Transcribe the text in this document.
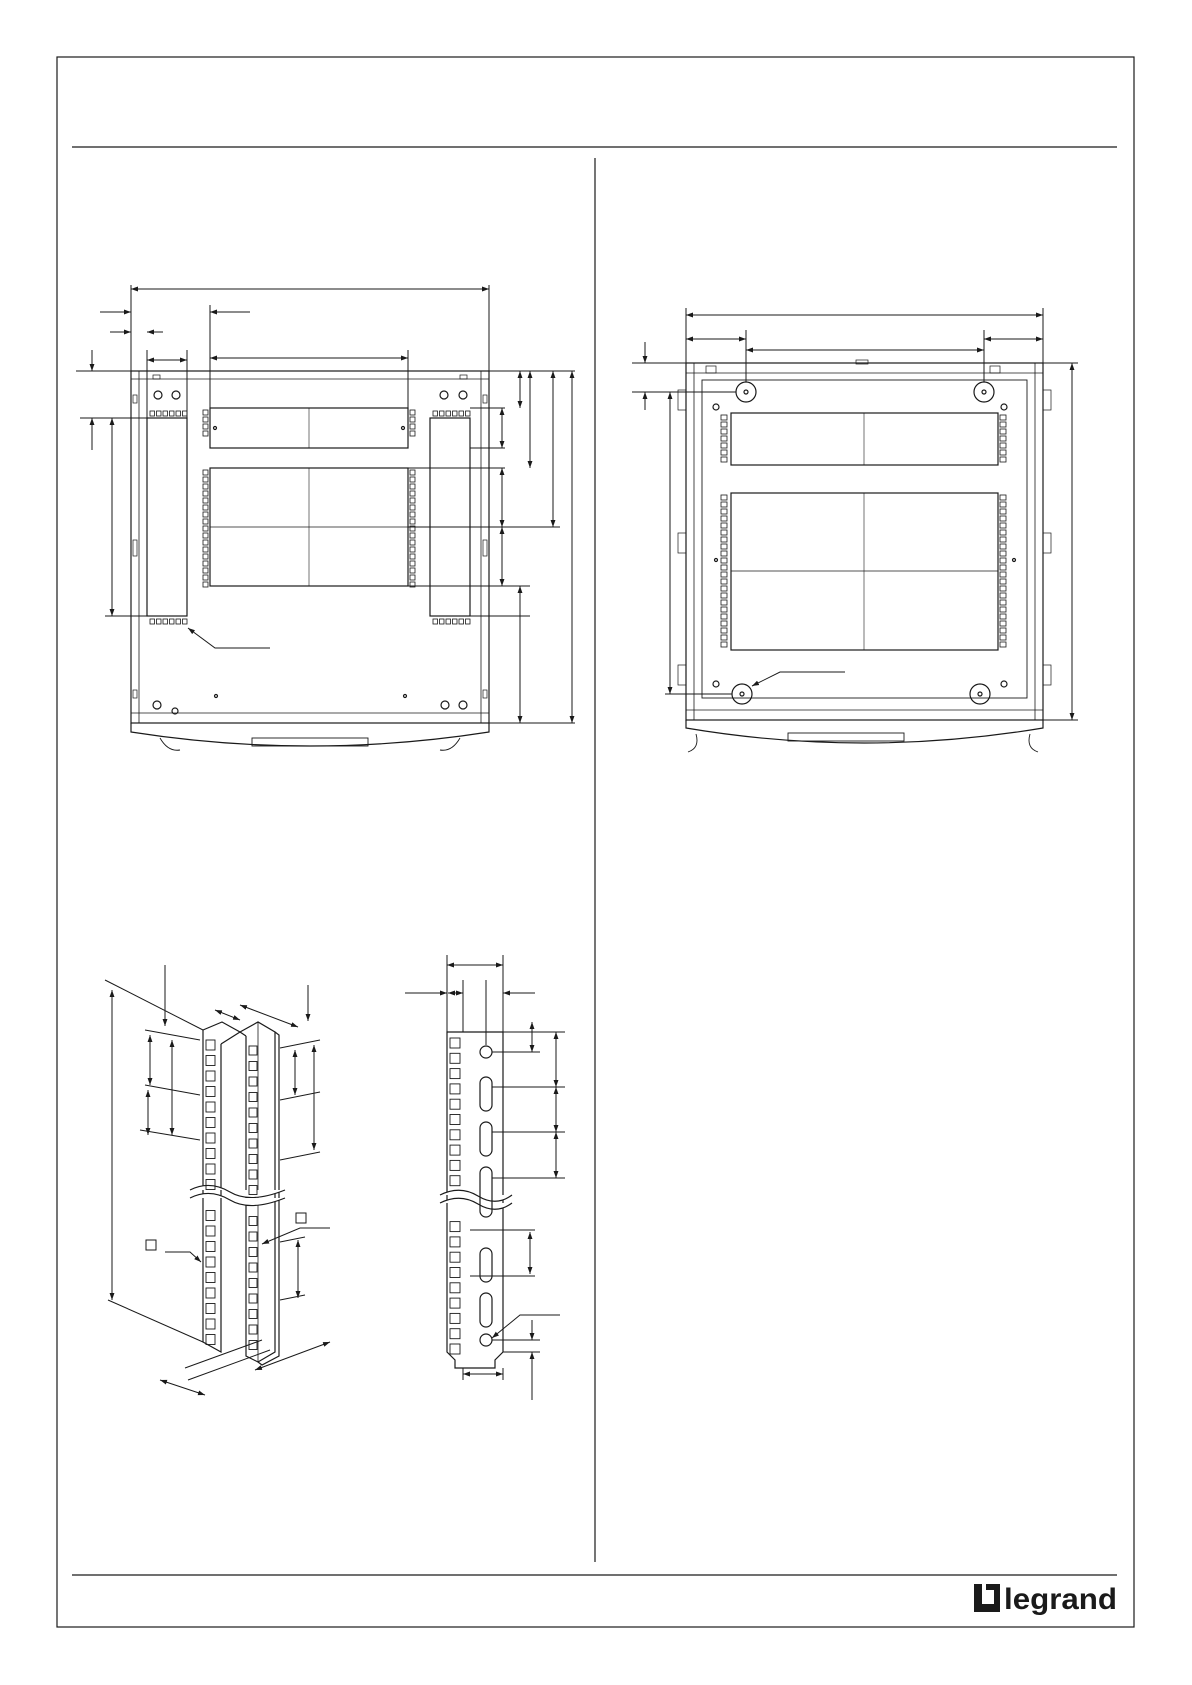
legrand
